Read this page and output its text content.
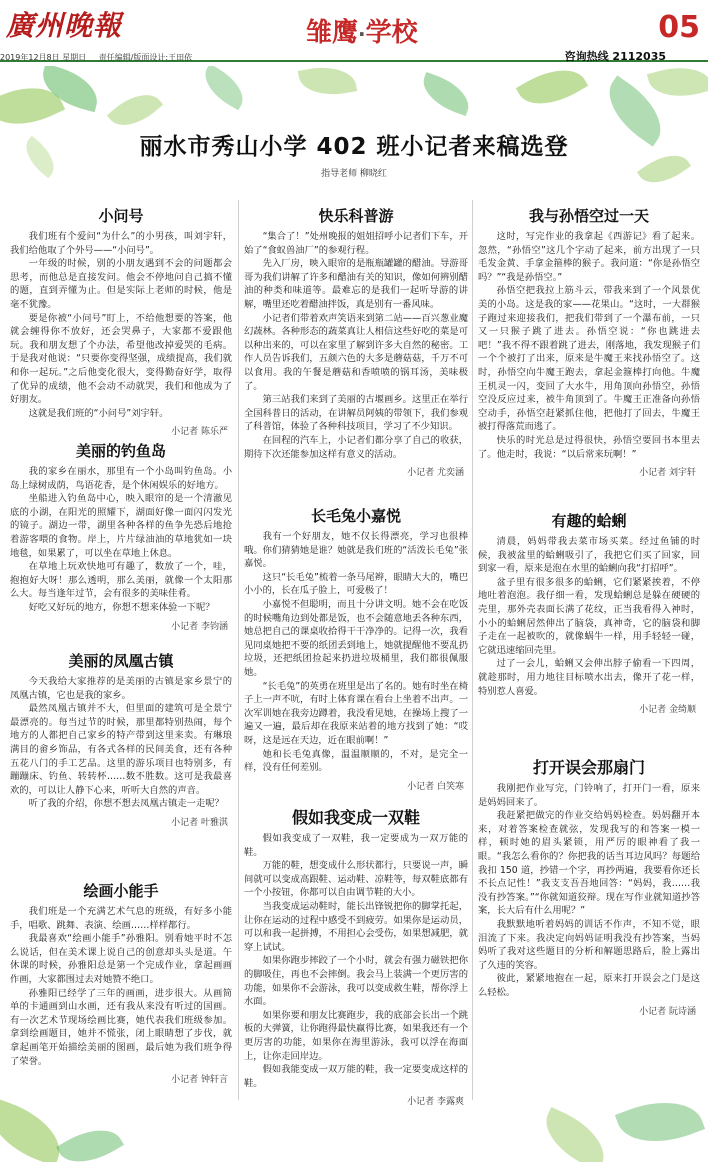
廣州晚報	雏鹰·学校	05
2019年12月8日 星期日 责任编辑/版面设计:王田依	咨询热线 2112035
丽水市秀山小学 402 班小记者来稿选登
指导老师 柳晓红
小问号

我们班有个爱问“为什么”的小男孩，叫刘宇轩，我们给他取了个外号——“小问号”。

一年级的时候，别的小朋友遇到不会的问题都会思考，而他总是直接发问。他会不停地问自己搞不懂的题，直到弄懂为止。但是实际上老师的时候，他是毫不犹豫。

要是你被“小问号”盯上，不给他想要的答案，他就会缠得你不放好，还会哭鼻子，大家都不爱跟他玩。我和朋友想了个办法，希望他改掉爱哭的毛病。于是我对他说：“只要你变得坚强，成绩提高，我们就和你一起玩。”之后他变化很大，变得勤奋好学，取得了优异的成绩，他不会动不动就哭，我们和他成为了好朋友。

这就是我们班的“小问号”刘宇轩。

小记者 陈乐严
美丽的钓鱼岛

我的家乡在丽水，那里有一个小岛叫钓鱼岛。小岛上绿树成荫，鸟语花香，是个休闲娱乐的好地方。

坐船进入钓鱼岛中心，映入眼帘的是一个清澈见底的小湖，在阳光的照耀下，湖面好像一面闪闪发光的镜子。湖边一带，湖里各种各样的鱼争先恐后地抢着游客喂的食物。岸上，片片绿油油的草地犹如一块地毯，如果累了，可以坐在草地上休息。

在草地上玩欢快地可有趣了，数放了一个，哇，抱抱好大呀！那么透明，那么美丽，就像一个太阳那么大。每当逢年过节，会有很多的美味佳肴。

好吃又好玩的地方，你想不想来体验一下呢？

小记者 李钧涵
美丽的凤凰古镇

今天我给大家推荐的是美丽的古镇是家乡景宁的凤凰古镇，它也是我的家乡。

最然凤凰古镇并不大，但里面的建筑可是全景宁最漂亮的。每当过节的时候，那里都特别热闹，每个地方的人都把自己家乡的特产带到这里来卖。有琳琅满目的畲乡饰品，有各式各样的民间美食，还有各种五花八门的手工艺品。这里的游乐项目也特别多，有蹦蹦床、钓鱼、转转杯……数不胜数。这可是我最喜欢的，可以让人静下心来，听听大自然的声音。

听了我的介绍，你想不想去凤凰古镇走一走呢？

小记者 叶雅淇
绘画小能手

我们班是一个充满艺术气息的班级，有好多小能手，唱歌、跳舞、表演、绘画……样样都行。

我最喜欢“绘画小能手”孙雅阳。别看她平时不怎么说话，但在美术课上说自己的创意却头头是道。午休课的时候，孙雅阳总是第一个完成作业，拿起画画作画，大家都围过去对她赞不绝口。

孙雅阳已经学了三年的画画，进步很大。从画简单的卡通画到山水画，还有我从来没有听过的国画。有一次艺术节现场绘画比赛，她代表我们班级参加。拿到绘画题目，她并不慌张，闭上眼睛想了步伐，就拿起画笔开始描绘美丽的图画，最后她为我们班争得了荣誉。

小记者 钟轩言
快乐科普游

“集合了！”处州晚报的姐姐招呼小记者们下车，开始了“食蚁兽油厂”的参观行程。

先入厂房，映入眼帘的是瓶瓶罐罐的醋油。导游哥哥为我们讲解了许多和醋油有关的知识，像如何辨别醋油的种类和味道等。最难忘的是我们一起听导游的讲解，嘴里还吃着醋油拌饭，真是别有一番风味。

小记者们带着欢声笑语来到第二站——百兴葱业魔幻蔬林。各种形态的蔬菜真让人相信这些好吃的菜是可以种出来的，可以在家里了解到许多大自然的秘密。工作人员告诉我们，五颜六色的大多是蘑菇菇，千万不可以食用。我的午餐是蘑菇和香喷喷的锅耳汤，美味极了。

第三站我们来到了美丽的古堰画乡。这里正在举行全国科普日的活动，在讲解员阿姨的带领下，我们参观了科普馆，体验了各种科技项目，学习了不少知识。

在回程的汽车上，小记者们都分享了自己的收获，期待下次还能参加这样有意义的活动。

小记者 尤奕涵
长毛兔小嘉悦

我有一个好朋友，她不仅长得漂亮，学习也很棒哦。你们猜猜她是谁？她就是我们班的“活泼长毛兔”张嘉悦。

这只“长毛兔”梳着一条马尾辫，眼睛大大的，嘴巴小小的，长在瓜子脸上，可爱极了！

小嘉悦不但聪明，而且十分讲文明。她不会在吃饭的时候嘴角边到处都是饭，也不会随意地丢各种东西，她总把自己的课桌收拾得干干净净的。记得一次，我看见同桌她把不要的纸团丢到地上，她就提醒他不要乱扔垃圾，还把纸团捡起来扔进垃圾桶里，我们都很佩服她。

“长毛兔”的英勇在班里是出了名的。她有时坐在椅子上一声不吭，有时上体育课在看台上坐着不出声。一次军训她在我旁边蹲着，我没看见她，在操场上搜了一遍又一遍，最后却在我原来站着的地方找到了她：“哎呀，这是远在天边，近在眼前啊！”

她和长毛兔真像，温温顺顺的，不对，是完全一样，没有任何差别。

小记者 白笑寒
假如我变成一双鞋

假如我变成了一双鞋，我一定要成为一双万能的鞋。

万能的鞋，想变成什么形状都行，只要说一声，瞬间就可以变成高跟鞋、运动鞋、凉鞋等，每双鞋底都有一个小按钮，你都可以自由调节鞋的大小。

当我变成运动鞋时，能长出锋锐把你的脚掌托起，让你在运动的过程中感受不到疲劳。如果你是运动员，可以和我一起拼搏，不用担心会受伤，如果想减肥，就穿上试试。

如果你跑步摔跤了一个小时，就会有强力磁铁把你的脚吸住，再也不会摔倒。我会马上装满一个更厉害的功能，如果你不会游泳，我可以变成救生鞋，帮你浮上水面。

如果你要和朋友比赛跑步，我的底部会长出一个跳板的大弹簧，让你跑得最快赢得比赛，如果我还有一个更厉害的功能，如果你在海里游泳，我可以浮在海面上，让你走回岸边。

假如我能变成一双万能的鞋，我一定要变成这样的鞋。

小记者 李露爽
我与孙悟空过一天

这时，写完作业的我拿起《西游记》看了起来。忽然，“孙悟空”这几个字动了起来，前方出现了一只毛发金黄、手拿金箍棒的猴子。我问道：“你是孙悟空吗？”“我是孙悟空。”

孙悟空把我拉上筋斗云，带我来到了一个风景优美的小岛。这是我的家——花果山。“这时，一大群猴子跑过来迎接我们，把我们带到了一个瀑布前，一只又一只猴子跳了进去。孙悟空说：“你也跳进去吧！”我不得不跟着跳了进去，刚落地，我发现猴子们一个个被打了出来，原来是牛魔王来找孙悟空了。这时，孙悟空向牛魔王跑去，拿起金箍棒打向他。牛魔王机灵一闪，变回了大水牛，用角顶向孙悟空，孙悟空没反应过来，被牛角顶到了。牛魔王正准备向孙悟空动手，孙悟空赶紧抓住他，把他打了回去，牛魔王被打得落荒而逃了。

快乐的时光总是过得很快，孙悟空要回书本里去了。他走时，我说：“以后常来玩啊！”

小记者 刘宇轩
有趣的蛤蜊

清晨，妈妈带我去菜市场买菜。经过鱼铺的时候，我被盆里的蛤蜊吸引了，我把它们买了回家，回到家一看，原来是泡在水里的蛤蜊向我“打招呼”。

盆子里有很多很多的蛤蜊，它们紧紧挨着，不停地吐着泡泡。我仔细一看，发现蛤蜊总是躲在硬硬的壳里，那外壳表面长满了花纹，正当我看得入神时，小小的蛤蜊居然伸出了脑袋，真神奇，它的脑袋和脚子走在一起被吹的，就像蜗牛一样，用手轻轻一碰，它就迅速缩回壳里。

过了一会儿，蛤蜊又会伸出脖子偷看一下四周，就趁那时，用力地往目标喷水出去，像开了花一样，特别惹人喜爱。

小记者 金绮顺
打开误会那扇门

我刚把作业写完，门铃响了，打开门一看，原来是妈妈回来了。

我赶紧把做完的作业交给妈妈检查。妈妈翻开本来，对着答案检查就弦，发现我写的和答案一模一样，顿时她的眉头紧锁，用严厉的眼神看了我一眼。“我怎么看你的？你把我的话当耳边风吗？每题给我扣 150 道，抄错一个字，再抄两遍，我要看你还长不长点记性！”我支支吾吾地回答：“妈妈，我……我没有抄答案。”“你就知道狡辩。现在写作业就知道抄答案，长大后有什么用呢？”

我默默地听着妈妈的训话不作声，不知不觉，眼泪流了下来。我决定向妈妈证明我没有抄答案，当妈妈听了我对这些题目的分析和解题思路后，脸上露出了久违的笑容。

彼此，紧紧地抱在一起，原来打开误会之门是这么轻松。

小记者 阮诗涵
